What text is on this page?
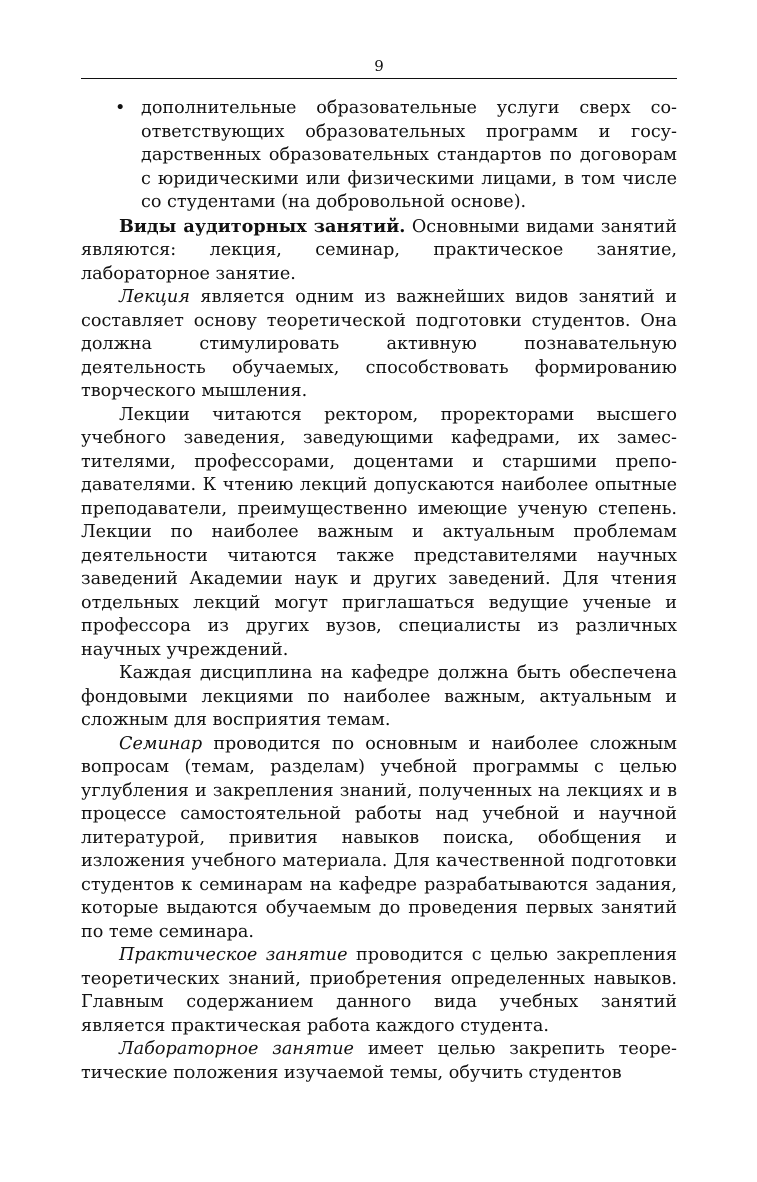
9

• дополнительные образовательные услуги сверх соответствующих образовательных программ и государственных образовательных стандартов по договорам с юридическими или физическими лицами, в том числе со студентами (на добровольной основе).

Виды аудиторных занятий. Основными видами занятий являются: лекция, семинар, практическое занятие, лабораторное занятие.

Лекция является одним из важнейших видов занятий и составляет основу теоретической подготовки студентов. Она должна стимулировать активную познавательную деятельность обучаемых, способствовать формированию творческого мышления.

Лекции читаются ректором, проректорами высшего учебного заведения, заведующими кафедрами, их заместителями, профессорами, доцентами и старшими преподавателями. К чтению лекций допускаются наиболее опытные преподаватели, преимущественно имеющие ученую степень. Лекции по наиболее важным и актуальным проблемам деятельности читаются также представителями научных заведений Академии наук и других заведений. Для чтения отдельных лекций могут приглашаться ведущие ученые и профессора из других вузов, специалисты из различных научных учреждений.

Каждая дисциплина на кафедре должна быть обеспечена фондовыми лекциями по наиболее важным, актуальным и сложным для восприятия темам.

Семинар проводится по основным и наиболее сложным вопросам (темам, разделам) учебной программы с целью углубления и закрепления знаний, полученных на лекциях и в процессе самостоятельной работы над учебной и научной литературой, привития навыков поиска, обобщения и изложения учебного материала. Для качественной подготовки студентов к семинарам на кафедре разрабатываются задания, которые выдаются обучаемым до проведения первых занятий по теме семинара.

Практическое занятие проводится с целью закрепления теоретических знаний, приобретения определенных навыков. Главным содержанием данного вида учебных занятий является практическая работа каждого студента.

Лабораторное занятие имеет целью закрепить теоретические положения изучаемой темы, обучить студентов
